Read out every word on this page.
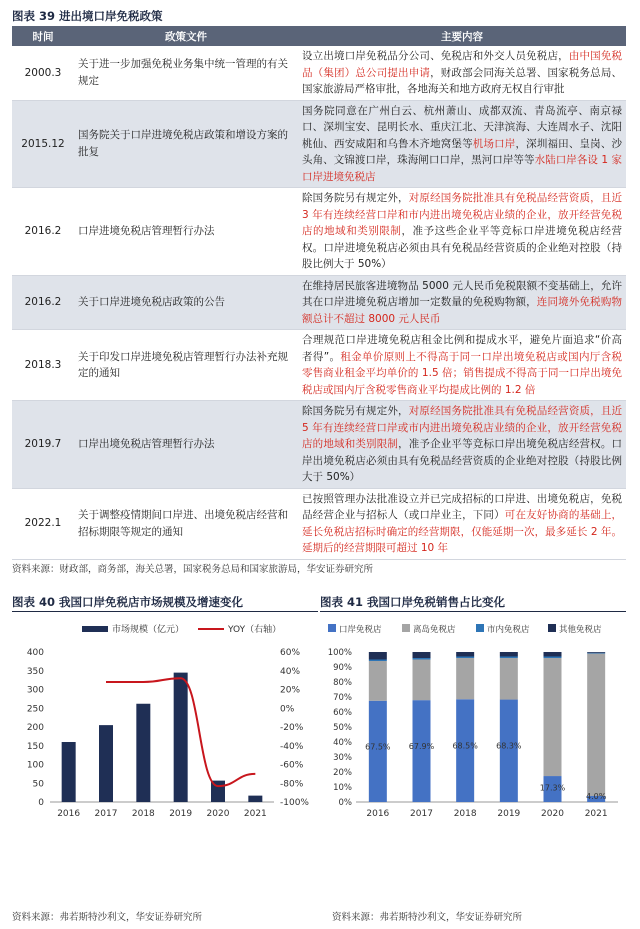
图表 39 进出境口岸免税政策
时间	政策文件	主要内容
2000.3	关于进一步加强免税业务集中统一管理的有关规定	设立出境口岸免税品分公司、免税店和外交人员免税店，由中国免税品（集团）总公司提出申请，财政部会同海关总署、国家税务总局、国家旅游局严格审批，各地海关和地方政府无权自行审批
2015.12	国务院关于口岸进境免税店政策和增设方案的批复	国务院同意在广州白云、杭州萧山、成都双流、青岛流亭、南京禄口、深圳宝安、昆明长水、重庆江北、天津滨海、大连周水子、沈阳桃仙、西安咸阳和乌鲁木齐地窝堡等机场口岸，深圳福田、皇岗、沙头角、文锦渡口岸，珠海闸口口岸，黑河口岸等等水陆口岸各设 1 家口岸进境免税店
2016.2	口岸进境免税店管理暂行办法	除国务院另有规定外，对原经国务院批准具有免税品经营资质，且近 3 年有连续经营口岸和市内进出境免税店业绩的企业，放开经营免税店的地域和类别限制，准予这些企业平等竞标口岸进境免税店经营权。口岸进境免税店必须由具有免税品经营资质的企业绝对控股（持股比例大于 50%）
2016.2	关于口岸进境免税店政策的公告	在维持居民旅客进境物品 5000 元人民币免税限额不变基础上，允许其在口岸进境免税店增加一定数量的免税购物额，连同境外免税购物额总计不超过 8000 元人民币
2018.3	关于印发口岸进境免税店管理暂行办法补充规定的通知	合理规范口岸进境免税店租金比例和提成水平，避免片面追求“价高者得”。租金单价原则上不得高于同一口岸出境免税店或国内厅含税零售商业租金平均单价的 1.5 倍；销售提成不得高于同一口岸出境免税店或国内厅含税零售商业平均提成比例的 1.2 倍
2019.7	口岸出境免税店管理暂行办法	除国务院另有规定外，对原经国务院批准具有免税品经营资质，且近 5 年有连续经营口岸或市内进出境免税店业绩的企业，放开经营免税店的地域和类别限制，准予企业平等竞标口岸出境免税店经营权。口岸出境免税店必须由具有免税品经营资质的企业绝对控股（持股比例大于 50%）
2022.1	关于调整疫情期间口岸进、出境免税店经营和招标期限等规定的通知	已按照管理办法批准设立并已完成招标的口岸进、出境免税店，免税品经营企业与招标人（或口岸业主，下同）可在友好协商的基础上，延长免税店招标时确定的经营期限，仅能延期一次，最多延长 2 年。延期后的经营期限可超过 10 年
资料来源：财政部，商务部，海关总署，国家税务总局和国家旅游局，华安证券研究所
图表 40 我国口岸免税店市场规模及增速变化
市场规模（亿元）	YOY（右轴）
0
50
100
150
200
250
300
350
400
-100%
-80%
-60%
-40%
-20%
0%
20%
40%
60%
2016 2017 2018 2019 2020 2021
图表 41 我国口岸免税销售占比变化
口岸免税店	离岛免税店	市内免税店	其他免税店
0%
10%
20%
30%
40%
50%
60%
70%
80%
90%
100%
67.5%
2016
67.9%
2017
68.5%
2018
68.3%
2019
17.3%
2020
4.0%
2021
资料来源：弗若斯特沙利文，华安证券研究所	资料来源：弗若斯特沙利文，华安证券研究所
